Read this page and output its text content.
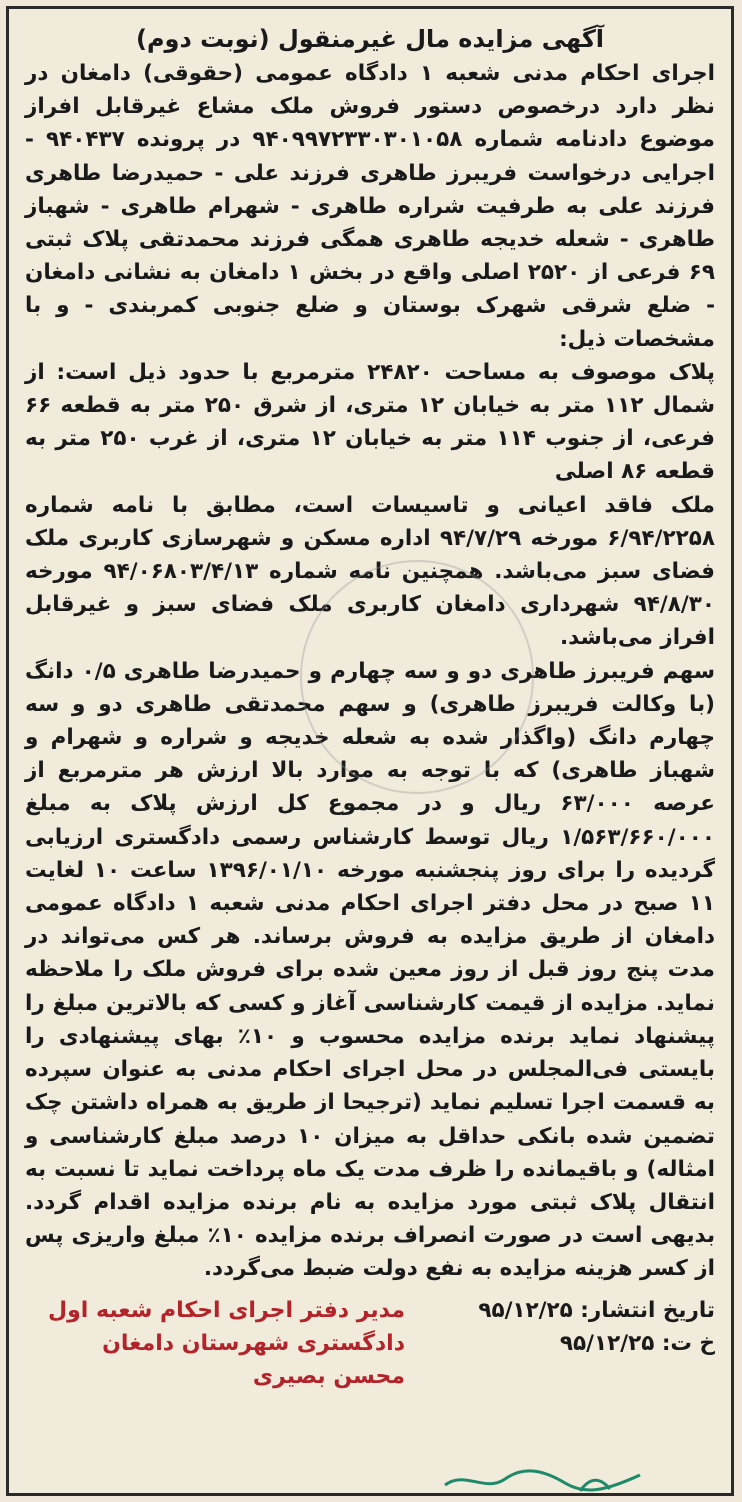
آگهی مزایده مال غیرمنقول (نوبت دوم)

اجرای احکام مدنی شعبه ۱ دادگاه عمومی (حقوقی) دامغان در نظر دارد درخصوص دستور فروش ملک مشاع غیرقابل افراز موضوع دادنامه شماره ۹۴۰۹۹۷۲۳۳۰۳۰۱۰۵۸ در پرونده ۹۴۰۴۳۷ - اجرایی درخواست فریبرز طاهری فرزند علی - حمیدرضا طاهری فرزند علی به طرفیت شراره طاهری - شهرام طاهری - شهباز طاهری - شعله خدیجه طاهری همگی فرزند محمدتقی پلاک ثبتی ۶۹ فرعی از ۲۵۲۰ اصلی واقع در بخش ۱ دامغان به نشانی دامغان - ضلع شرقی شهرک بوستان و ضلع جنوبی کمربندی - و با مشخصات ذیل:

پلاک موصوف به مساحت ۲۴۸۲۰ مترمربع با حدود ذیل است: از شمال ۱۱۲ متر به خیابان ۱۲ متری، از شرق ۲۵۰ متر به قطعه ۶۶ فرعی، از جنوب ۱۱۴ متر به خیابان ۱۲ متری، از غرب ۲۵۰ متر به قطعه ۸۶ اصلی

ملک فاقد اعیانی و تاسیسات است، مطابق با نامه شماره ۶/۹۴/۲۲۵۸ مورخه ۹۴/۷/۲۹ اداره مسکن و شهرسازی کاربری ملک فضای سبز می‌باشد. همچنین نامه شماره ۹۴/۰۶۸۰۳/۴/۱۳ مورخه ۹۴/۸/۳۰ شهرداری دامغان کاربری ملک فضای سبز و غیرقابل افراز می‌باشد.

سهم فریبرز طاهری دو و سه چهارم و حمیدرضا طاهری ۰/۵ دانگ (با وکالت فریبرز طاهری) و سهم محمدتقی طاهری دو و سه چهارم دانگ (واگذار شده به شعله خدیجه و شراره و شهرام و شهباز طاهری) که با توجه به موارد بالا ارزش هر مترمربع از عرصه ۶۳/۰۰۰ ریال و در مجموع کل ارزش پلاک به مبلغ ۱/۵۶۳/۶۶۰/۰۰۰ ریال توسط کارشناس رسمی دادگستری ارزیابی گردیده را برای روز پنجشنبه مورخه ۱۳۹۶/۰۱/۱۰ ساعت ۱۰ لغایت ۱۱ صبح در محل دفتر اجرای احکام مدنی شعبه ۱ دادگاه عمومی دامغان از طریق مزایده به فروش برساند. هر کس می‌تواند در مدت پنج روز قبل از روز معین شده برای فروش ملک را ملاحظه نماید. مزایده از قیمت کارشناسی آغاز و کسی که بالاترین مبلغ را پیشنهاد نماید برنده مزایده محسوب و ۱۰٪ بهای پیشنهادی را بایستی فی‌المجلس در محل اجرای احکام مدنی به عنوان سپرده به قسمت اجرا تسلیم نماید (ترجیحا از طریق به همراه داشتن چک تضمین شده بانکی حداقل به میزان ۱۰ درصد مبلغ کارشناسی و امثاله) و باقیمانده را ظرف مدت یک ماه پرداخت نماید تا نسبت به انتقال پلاک ثبتی مورد مزایده به نام برنده مزایده اقدام گردد. بدیهی است در صورت انصراف برنده مزایده ۱۰٪ مبلغ واریزی پس از کسر هزینه مزایده به نفع دولت ضبط می‌گردد.

تاریخ انتشار: ۹۵/۱۲/۲۵
خ ت: ۹۵/۱۲/۲۵
مدیر دفتر اجرای احکام شعبه اول
دادگستری شهرستان دامغان
محسن بصیری
